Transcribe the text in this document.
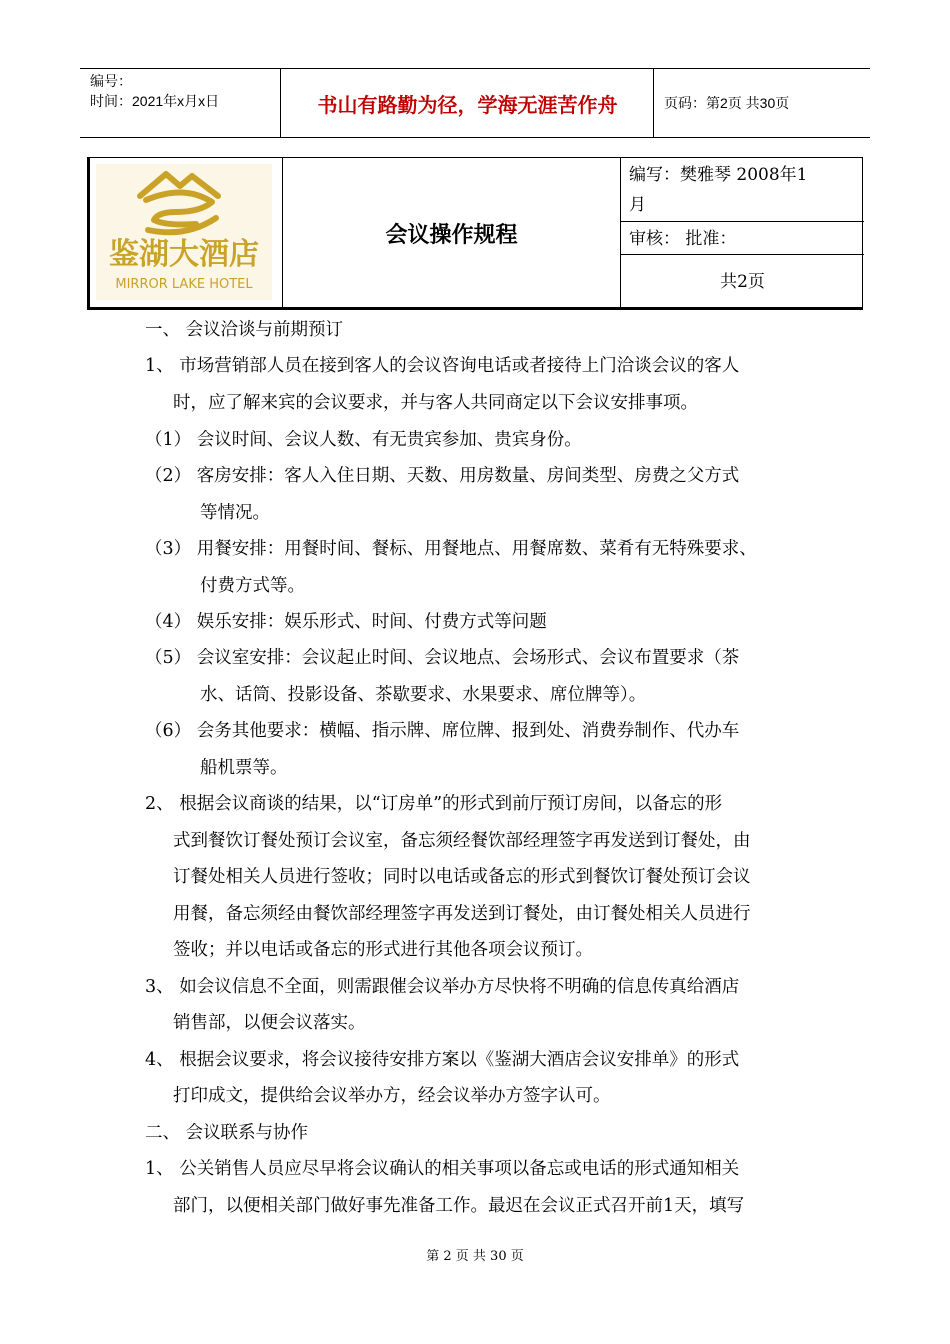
编号：
时间：2021年x月x日	书山有路勤为径，学海无涯苦作舟	页码：第2页 共30页
鉴湖大酒店
MIRROR LAKE HOTEL
会议操作规程
编写：樊雅琴 2008年1
月
审核： 批准：
共2页
一、 会议洽谈与前期预订
1、 市场营销部人员在接到客人的会议咨询电话或者接待上门洽谈会议的客人
时，应了解来宾的会议要求，并与客人共同商定以下会议安排事项。
（1） 会议时间、会议人数、有无贵宾参加、贵宾身份。
（2） 客房安排：客人入住日期、天数、用房数量、房间类型、房费之父方式
等情况。
（3） 用餐安排：用餐时间、餐标、用餐地点、用餐席数、菜肴有无特殊要求、
付费方式等。
（4） 娱乐安排：娱乐形式、时间、付费方式等问题
（5） 会议室安排：会议起止时间、会议地点、会场形式、会议布置要求（茶
水、话筒、投影设备、茶歇要求、水果要求、席位牌等）。
（6） 会务其他要求：横幅、指示牌、席位牌、报到处、消费券制作、代办车
船机票等。
2、 根据会议商谈的结果，以“订房单”的形式到前厅预订房间，以备忘的形
式到餐饮订餐处预订会议室，备忘须经餐饮部经理签字再发送到订餐处，由
订餐处相关人员进行签收；同时以电话或备忘的形式到餐饮订餐处预订会议
用餐，备忘须经由餐饮部经理签字再发送到订餐处，由订餐处相关人员进行
签收；并以电话或备忘的形式进行其他各项会议预订。
3、 如会议信息不全面，则需跟催会议举办方尽快将不明确的信息传真给酒店
销售部，以便会议落实。
4、 根据会议要求，将会议接待安排方案以《鉴湖大酒店会议安排单》的形式
打印成文，提供给会议举办方，经会议举办方签字认可。
二、 会议联系与协作
1、 公关销售人员应尽早将会议确认的相关事项以备忘或电话的形式通知相关
部门，以便相关部门做好事先准备工作。最迟在会议正式召开前1天，填写
第 2 页 共 30 页
